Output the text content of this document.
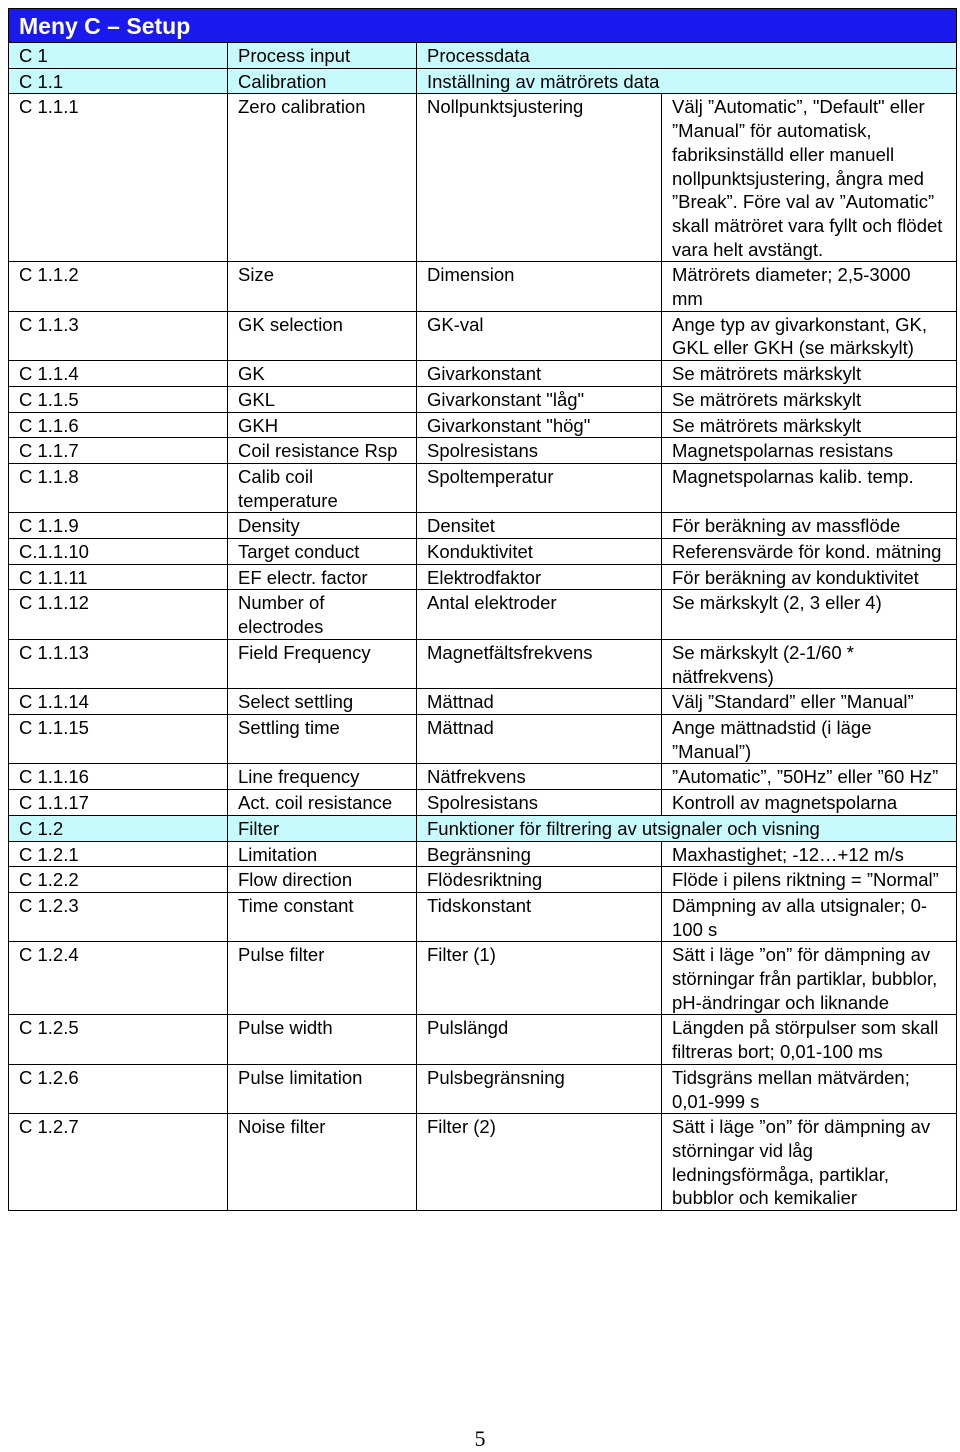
Meny C – Setup			
C 1	Process input	Processdata	
C 1.1	Calibration	Inställning av mätrörets data	
C 1.1.1	Zero calibration	Nollpunktsjustering	Välj ”Automatic”, "Default" eller ”Manual” för automatisk, fabriksinställd eller manuell nollpunktsjustering, ångra med ”Break”. Före val av ”Automatic” skall mätröret vara fyllt och flödet vara helt avstängt.
C 1.1.2	Size	Dimension	Mätrörets diameter; 2,5-3000 mm
C 1.1.3	GK selection	GK-val	Ange typ av givarkonstant, GK, GKL eller GKH (se märkskylt)
C 1.1.4	GK	Givarkonstant	Se mätrörets märkskylt
C 1.1.5	GKL	Givarkonstant "låg"	Se mätrörets märkskylt
C 1.1.6	GKH	Givarkonstant "hög"	Se mätrörets märkskylt
C 1.1.7	Coil resistance Rsp	Spolresistans	Magnetspolarnas resistans
C 1.1.8	Calib coil temperature	Spoltemperatur	Magnetspolarnas kalib. temp.
C 1.1.9	Density	Densitet	För beräkning av massflöde
C.1.1.10	Target conduct	Konduktivitet	Referensvärde för kond. mätning
C 1.1.11	EF electr. factor	Elektrodfaktor	För beräkning av konduktivitet
C 1.1.12	Number of electrodes	Antal elektroder	Se märkskylt (2, 3 eller 4)
C 1.1.13	Field Frequency	Magnetfältsfrekvens	Se märkskylt (2-1/60 * nätfrekvens)
C 1.1.14	Select settling	Mättnad	Välj ”Standard” eller ”Manual”
C 1.1.15	Settling time	Mättnad	Ange mättnadstid (i läge ”Manual”)
C 1.1.16	Line frequency	Nätfrekvens	”Automatic”, ”50Hz” eller ”60 Hz”
C 1.1.17	Act. coil resistance	Spolresistans	Kontroll av magnetspolarna
C 1.2	Filter	Funktioner för filtrering av utsignaler och visning	
C 1.2.1	Limitation	Begränsning	Maxhastighet; -12…+12 m/s
C 1.2.2	Flow direction	Flödesriktning	Flöde i pilens riktning = ”Normal”
C 1.2.3	Time constant	Tidskonstant	Dämpning av alla utsignaler; 0-100 s
C 1.2.4	Pulse filter	Filter (1)	Sätt i läge ”on” för dämpning av störningar från partiklar, bubblor, pH-ändringar och liknande
C 1.2.5	Pulse width	Pulslängd	Längden på störpulser som skall filtreras bort; 0,01-100 ms
C 1.2.6	Pulse limitation	Pulsbegränsning	Tidsgräns mellan mätvärden; 0,01-999 s
C 1.2.7	Noise filter	Filter (2)	Sätt i läge ”on” för dämpning av störningar vid låg ledningsförmåga, partiklar, bubblor och kemikalier
5
